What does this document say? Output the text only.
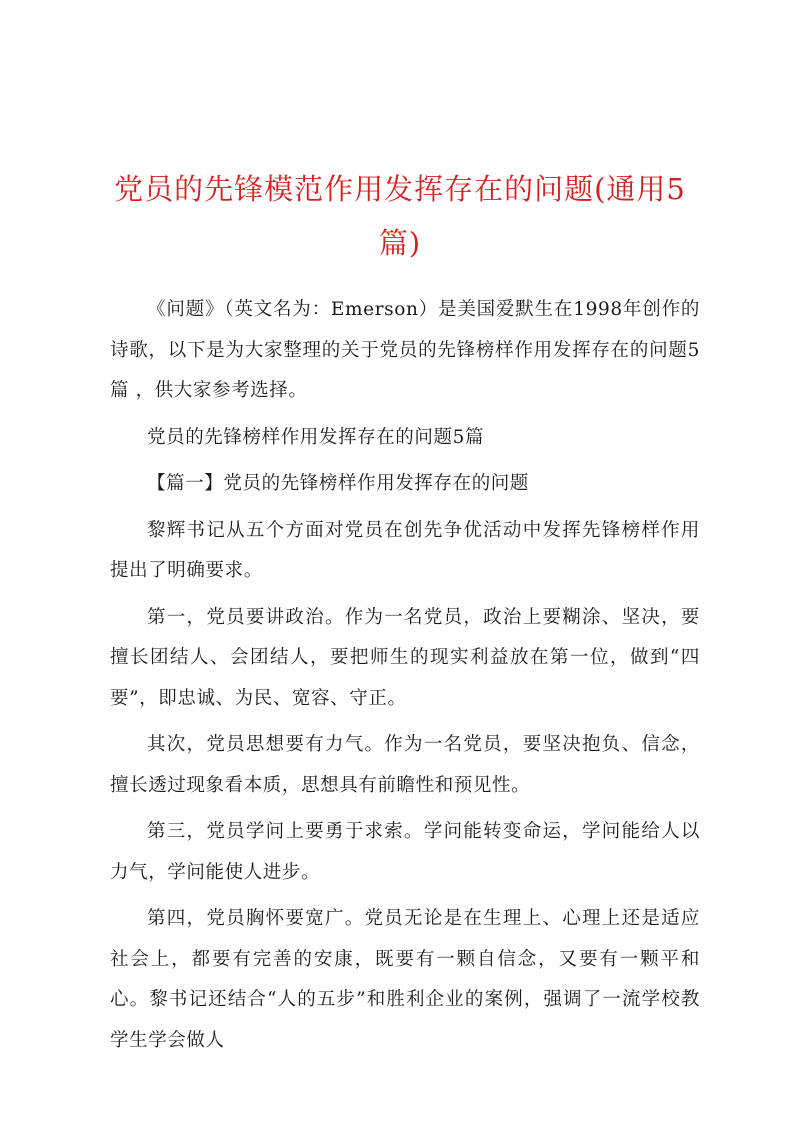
党员的先锋模范作用发挥存在的问题(通用5篇)

《问题》（英文名为：Emerson）是美国爱默生在1998年创作的诗歌，以下是为大家整理的关于党员的先锋榜样作用发挥存在的问题5篇 ，供大家参考选择。

党员的先锋榜样作用发挥存在的问题5篇

【篇一】党员的先锋榜样作用发挥存在的问题

黎辉书记从五个方面对党员在创先争优活动中发挥先锋榜样作用提出了明确要求。

第一，党员要讲政治。作为一名党员，政治上要糊涂、坚决，要擅长团结人、会团结人，要把师生的现实利益放在第一位，做到“四要”，即忠诚、为民、宽容、守正。

其次，党员思想要有力气。作为一名党员，要坚决抱负、信念，擅长透过现象看本质，思想具有前瞻性和预见性。

第三，党员学问上要勇于求索。学问能转变命运，学问能给人以力气，学问能使人进步。

第四，党员胸怀要宽广。党员无论是在生理上、心理上还是适应社会上，都要有完善的安康，既要有一颗自信念，又要有一颗平和心。黎书记还结合“人的五步”和胜利企业的案例，强调了一流学校教学生学会做人
